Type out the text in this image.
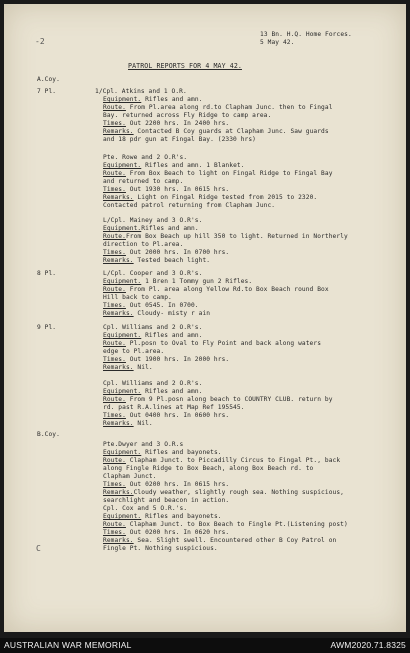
-2
13 Bn. H.Q. Home Forces.
5 May 42.
PATROL REPORTS FOR 4 MAY 42.
A.Coy.
7 Pl.	1/Cpl. Atkins and 1 O.R.
Equipment. Rifles and amn.
Route. From Pl.area along rd.to Clapham Junc. then to Fingal
Bay. returned across Fly Ridge to camp area.
Times. Out 2200 hrs. In 2400 hrs.
Remarks. Contacted B Coy guards at Clapham Junc. Saw guards
and 18 pdr gun at Fingal Bay. (2330 hrs)
Pte. Rowe and 2 O.R's.
Equipment. Rifles and amn. 1 Blanket.
Route. From Box Beach to light on Fingal Ridge to Fingal Bay
and returned to camp.
Times. Out 1930 hrs. In 0615 hrs.
Remarks. Light on Fingal Ridge tested from 2015 to 2320.
Contacted patrol returning from Clapham Junc.
L/Cpl. Mainey and 3 O.R's.
Equipment.Rifles and amn.
Route.From Box Beach up hill 350 to light. Returned in Northerly
direction to Pl.area.
Times. Out 2000 hrs. In 0700 hrs.
Remarks. Tested beach light.
8 Pl.	L/Cpl. Cooper and 3 O.R's.
Equipment. 1 Bren 1 Tommy gun 2 Rifles.
Route. From Pl. area along Yellow Rd.to Box Beach round Box
Hill back to camp.
Times. Out 0545. In 0700.
Remarks. Cloudy- misty r ain
9 Pl.	Cpl. Williams and 2 O.R's.
Equipment. Rifles and amn.
Route. Pl.posn to Oval to Fly Point and back along waters
edge to Pl.area.
Times. Out 1900 hrs. In 2000 hrs.
Remarks. Nil.
Cpl. Williams and 2 O.R's.
Equipment. Rifles and amn.
Route. From 9 Pl.posn along beach to COUNTRY CLUB. return by
rd. past R.A.lines at Map Ref 195545.
Times. Out 0400 hrs. In 0600 hrs.
Remarks. Nil.
B.Coy.
Pte.Dwyer and 3 O.R.s
Equipment. Rifles and bayonets.
Route. Clapham Junct. to Piccadilly Circus to Fingal Pt., back
along Fingle Ridge to Box Beach, along Box Beach rd. to
Clapham Junct.
Times. Out 0200 hrs. In 0615 hrs.
Remarks.Cloudy weather, slightly rough sea. Nothing suspicious,
searchlight and beacon in action.
Cpl. Cox and 5 O.R.'s.
Equipment. Rifles and bayonets.
Route. Clapham Junct. to Box Beach to Fingle Pt.(Listening post)
Times. Out 0200 hrs. In 0620 hrs.
Remarks. Sea. Slight swell. Encountered other B Coy Patrol on
Fingle Pt. Nothing suspicious.
C
AUSTRALIAN WAR MEMORIAL	AWM2020.71.8325
